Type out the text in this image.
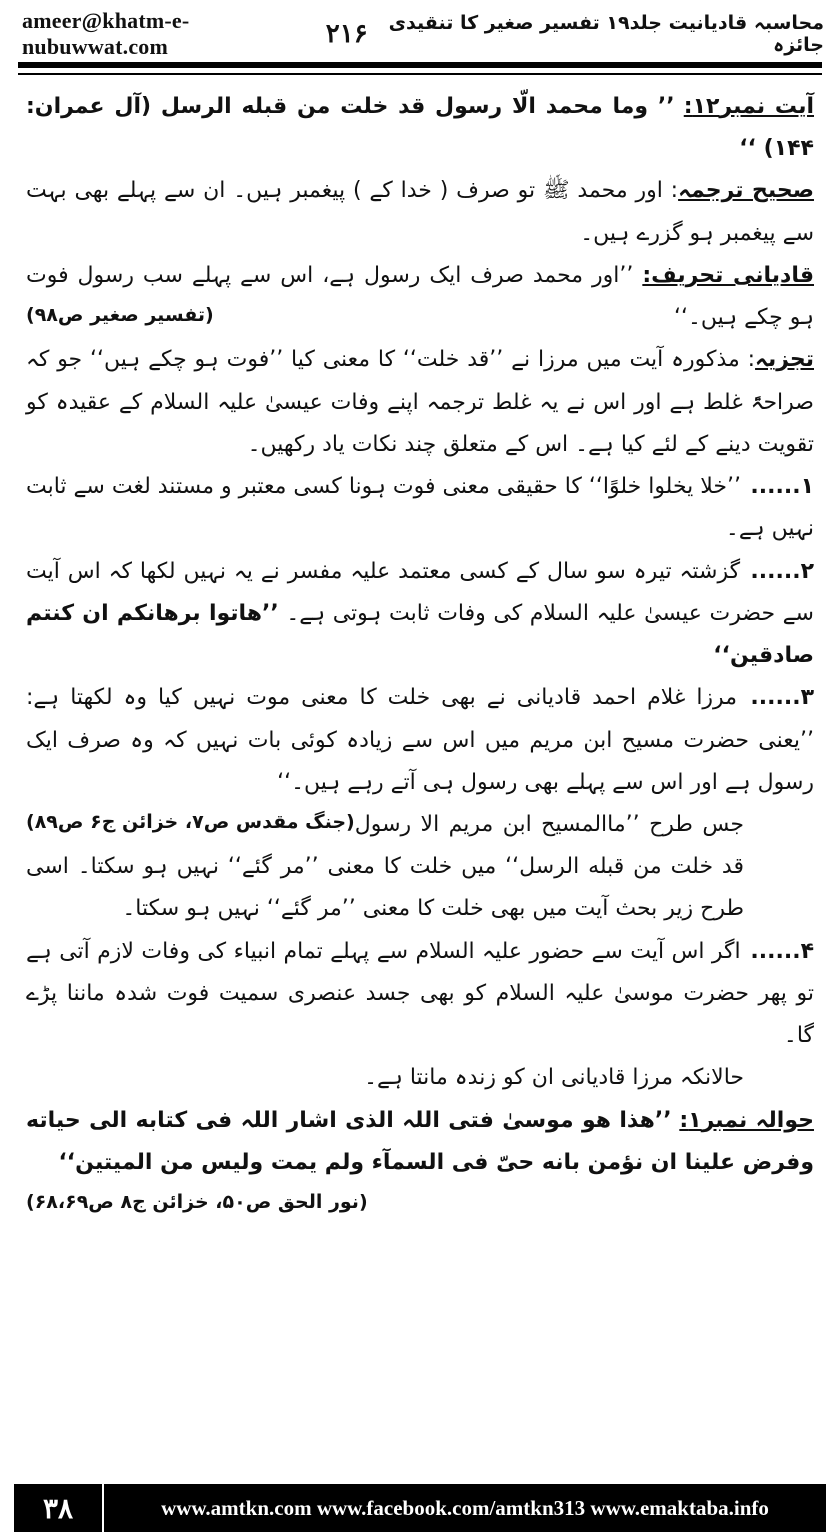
ameer@khatm-e-nubuwwat.com	۲۱۶	محاسبہ قادیانیت جلد۱۹ تفسیر صغیر کا تنقیدی جائزہ

آیت نمبر۱۲: ’’ وما محمد الّا رسول قد خلت من قبله الرسل (آل عمران: ۱۴۴) ‘‘

صحیح ترجمہ: اور محمد ﷺ تو صرف ( خدا کے ) پیغمبر ہیں۔ ان سے پہلے بھی بہت سے پیغمبر ہو گزرے ہیں۔

قادیانی تحریف: ’’اور محمد صرف ایک رسول ہے، اس سے پہلے سب رسول فوت ہو چکے ہیں۔‘‘
(تفسیر صغیر ص۹۸)

تجزیہ: مذکورہ آیت میں مرزا نے ’’قد خلت‘‘ کا معنی کیا ’’فوت ہو چکے ہیں‘‘ جو کہ صراحۃً غلط ہے اور اس نے یہ غلط ترجمہ اپنے وفات عیسیٰ علیہ السلام کے عقیدہ کو تقویت دینے کے لئے کیا ہے۔ اس کے متعلق چند نکات یاد رکھیں۔

۱...... ’’خلا یخلوا خلوًا‘‘ کا حقیقی معنی فوت ہونا کسی معتبر و مستند لغت سے ثابت نہیں ہے۔

۲...... گزشتہ تیرہ سو سال کے کسی معتمد علیہ مفسر نے یہ نہیں لکھا کہ اس آیت سے حضرت عیسیٰ علیہ السلام کی وفات ثابت ہوتی ہے۔ ’’ھاتوا برھانکم ان کنتم صادقین‘‘

۳...... مرزا غلام احمد قادیانی نے بھی خلت کا معنی موت نہیں کیا وہ لکھتا ہے: ’’یعنی حضرت مسیح ابن مریم میں اس سے زیادہ کوئی بات نہیں کہ وہ صرف ایک رسول ہے اور اس سے پہلے بھی رسول ہی آتے رہے ہیں۔‘‘
(جنگ مقدس ص۷، خزائن ج۶ ص۸۹) جس طرح ’’ماالمسیح ابن مریم الا رسول قد خلت من قبله الرسل‘‘ میں خلت کا معنی ’’مر گئے‘‘ نہیں ہو سکتا۔ اسی طرح زیر بحث آیت میں بھی خلت کا معنی ’’مر گئے‘‘ نہیں ہو سکتا۔

۴...... اگر اس آیت سے حضور علیہ السلام سے پہلے تمام انبیاء کی وفات لازم آتی ہے تو پھر حضرت موسیٰ علیہ السلام کو بھی جسد عنصری سمیت فوت شدہ ماننا پڑے گا۔

حالانکہ مرزا قادیانی ان کو زندہ مانتا ہے۔

حوالہ نمبر۱: ’’ھذا ھو موسیٰ فتی اللہ الذی اشار اللہ فی کتابه الی حیاته وفرض علینا ان نؤمن بانه حیّ فی السمآء ولم یمت ولیس من المیتین‘‘
(نور الحق ص۵۰، خزائن ج۸ ص۶۸،۶۹)

۳۸	www.amtkn.com www.facebook.com/amtkn313 www.emaktaba.info
